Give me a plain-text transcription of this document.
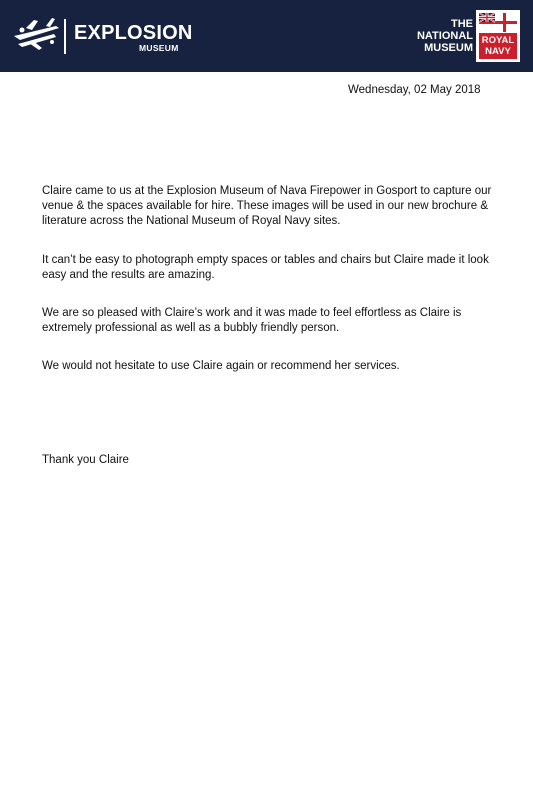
EXPLOSION
MUSEUM
THE
NATIONAL
MUSEUM
ROYAL
NAVY
Wednesday, 02 May 2018

Claire came to us at the Explosion Museum of Nava Firepower in Gosport to capture our venue & the spaces available for hire. These images will be used in our new brochure & literature across the National Museum of Royal Navy sites.

It can’t be easy to photograph empty spaces or tables and chairs but Claire made it look easy and the results are amazing.

We are so pleased with Claire’s work and it was made to feel effortless as Claire is extremely professional as well as a bubbly friendly person.

We would not hesitate to use Claire again or recommend her services.

Thank you Claire
